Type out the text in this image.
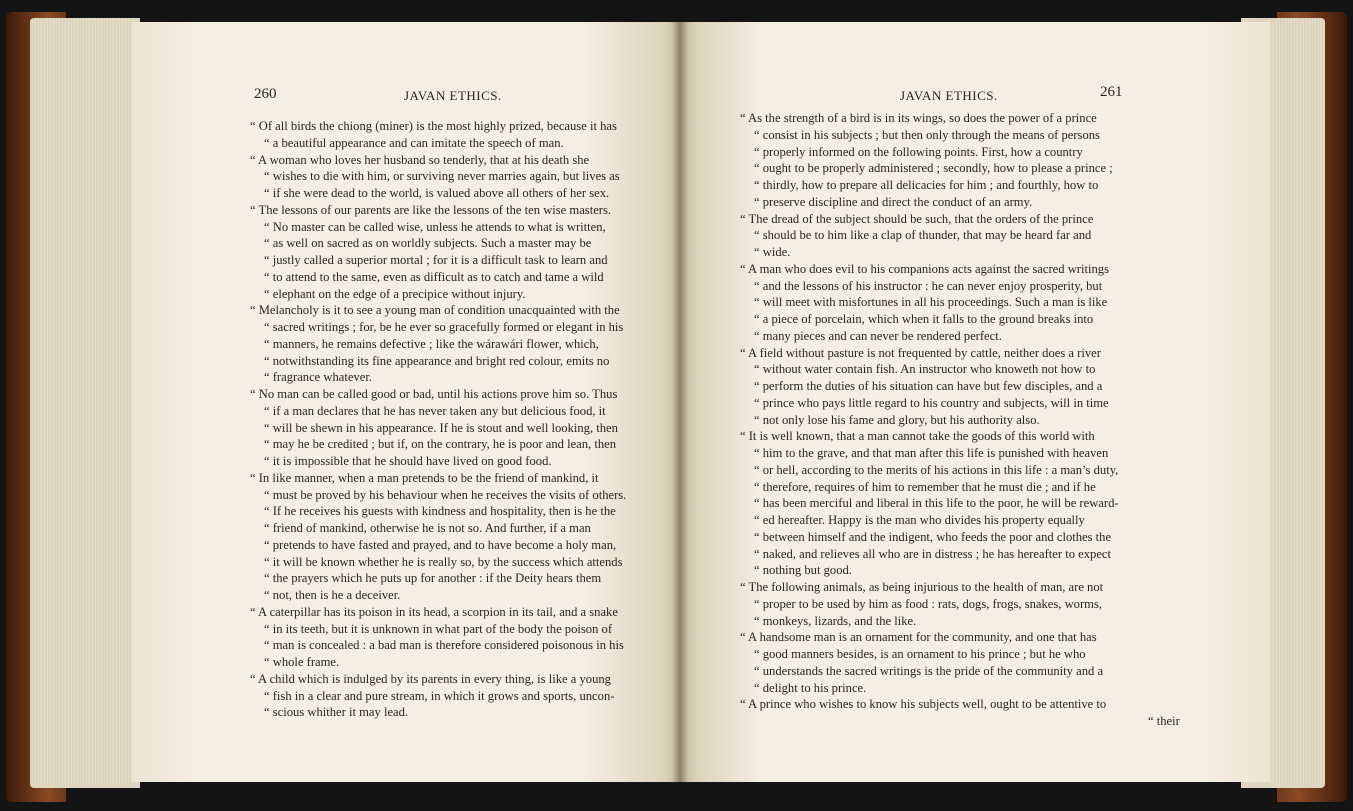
260	JAVAN ETHICS.
“ Of all birds the chiong (miner) is the most highly prized, because it has
“ a beautiful appearance and can imitate the speech of man.
“ A woman who loves her husband so tenderly, that at his death she
“ wishes to die with him, or surviving never marries again, but lives as
“ if she were dead to the world, is valued above all others of her sex.
“ The lessons of our parents are like the lessons of the ten wise masters.
“ No master can be called wise, unless he attends to what is written,
“ as well on sacred as on worldly subjects. Such a master may be
“ justly called a superior mortal ; for it is a difficult task to learn and
“ to attend to the same, even as difficult as to catch and tame a wild
“ elephant on the edge of a precipice without injury.
“ Melancholy is it to see a young man of condition unacquainted with the
“ sacred writings ; for, be he ever so gracefully formed or elegant in his
“ manners, he remains defective ; like the wárawári flower, which,
“ notwithstanding its fine appearance and bright red colour, emits no
“ fragrance whatever.
“ No man can be called good or bad, until his actions prove him so. Thus
“ if a man declares that he has never taken any but delicious food, it
“ will be shewn in his appearance. If he is stout and well looking, then
“ may he be credited ; but if, on the contrary, he is poor and lean, then
“ it is impossible that he should have lived on good food.
“ In like manner, when a man pretends to be the friend of mankind, it
“ must be proved by his behaviour when he receives the visits of others.
“ If he receives his guests with kindness and hospitality, then is he the
“ friend of mankind, otherwise he is not so. And further, if a man
“ pretends to have fasted and prayed, and to have become a holy man,
“ it will be known whether he is really so, by the success which attends
“ the prayers which he puts up for another : if the Deity hears them
“ not, then is he a deceiver.
“ A caterpillar has its poison in its head, a scorpion in its tail, and a snake
“ in its teeth, but it is unknown in what part of the body the poison of
“ man is concealed : a bad man is therefore considered poisonous in his
“ whole frame.
“ A child which is indulged by its parents in every thing, is like a young
“ fish in a clear and pure stream, in which it grows and sports, uncon-
“ scious whither it may lead.
JAVAN ETHICS.	261
“ As the strength of a bird is in its wings, so does the power of a prince
“ consist in his subjects ; but then only through the means of persons
“ properly informed on the following points. First, how a country
“ ought to be properly administered ; secondly, how to please a prince ;
“ thirdly, how to prepare all delicacies for him ; and fourthly, how to
“ preserve discipline and direct the conduct of an army.
“ The dread of the subject should be such, that the orders of the prince
“ should be to him like a clap of thunder, that may be heard far and
“ wide.
“ A man who does evil to his companions acts against the sacred writings
“ and the lessons of his instructor : he can never enjoy prosperity, but
“ will meet with misfortunes in all his proceedings. Such a man is like
“ a piece of porcelain, which when it falls to the ground breaks into
“ many pieces and can never be rendered perfect.
“ A field without pasture is not frequented by cattle, neither does a river
“ without water contain fish. An instructor who knoweth not how to
“ perform the duties of his situation can have but few disciples, and a
“ prince who pays little regard to his country and subjects, will in time
“ not only lose his fame and glory, but his authority also.
“ It is well known, that a man cannot take the goods of this world with
“ him to the grave, and that man after this life is punished with heaven
“ or hell, according to the merits of his actions in this life : a man’s duty,
“ therefore, requires of him to remember that he must die ; and if he
“ has been merciful and liberal in this life to the poor, he will be reward-
“ ed hereafter. Happy is the man who divides his property equally
“ between himself and the indigent, who feeds the poor and clothes the
“ naked, and relieves all who are in distress ; he has hereafter to expect
“ nothing but good.
“ The following animals, as being injurious to the health of man, are not
“ proper to be used by him as food : rats, dogs, frogs, snakes, worms,
“ monkeys, lizards, and the like.
“ A handsome man is an ornament for the community, and one that has
“ good manners besides, is an ornament to his prince ; but he who
“ understands the sacred writings is the pride of the community and a
“ delight to his prince.
“ A prince who wishes to know his subjects well, ought to be attentive to
“ their
